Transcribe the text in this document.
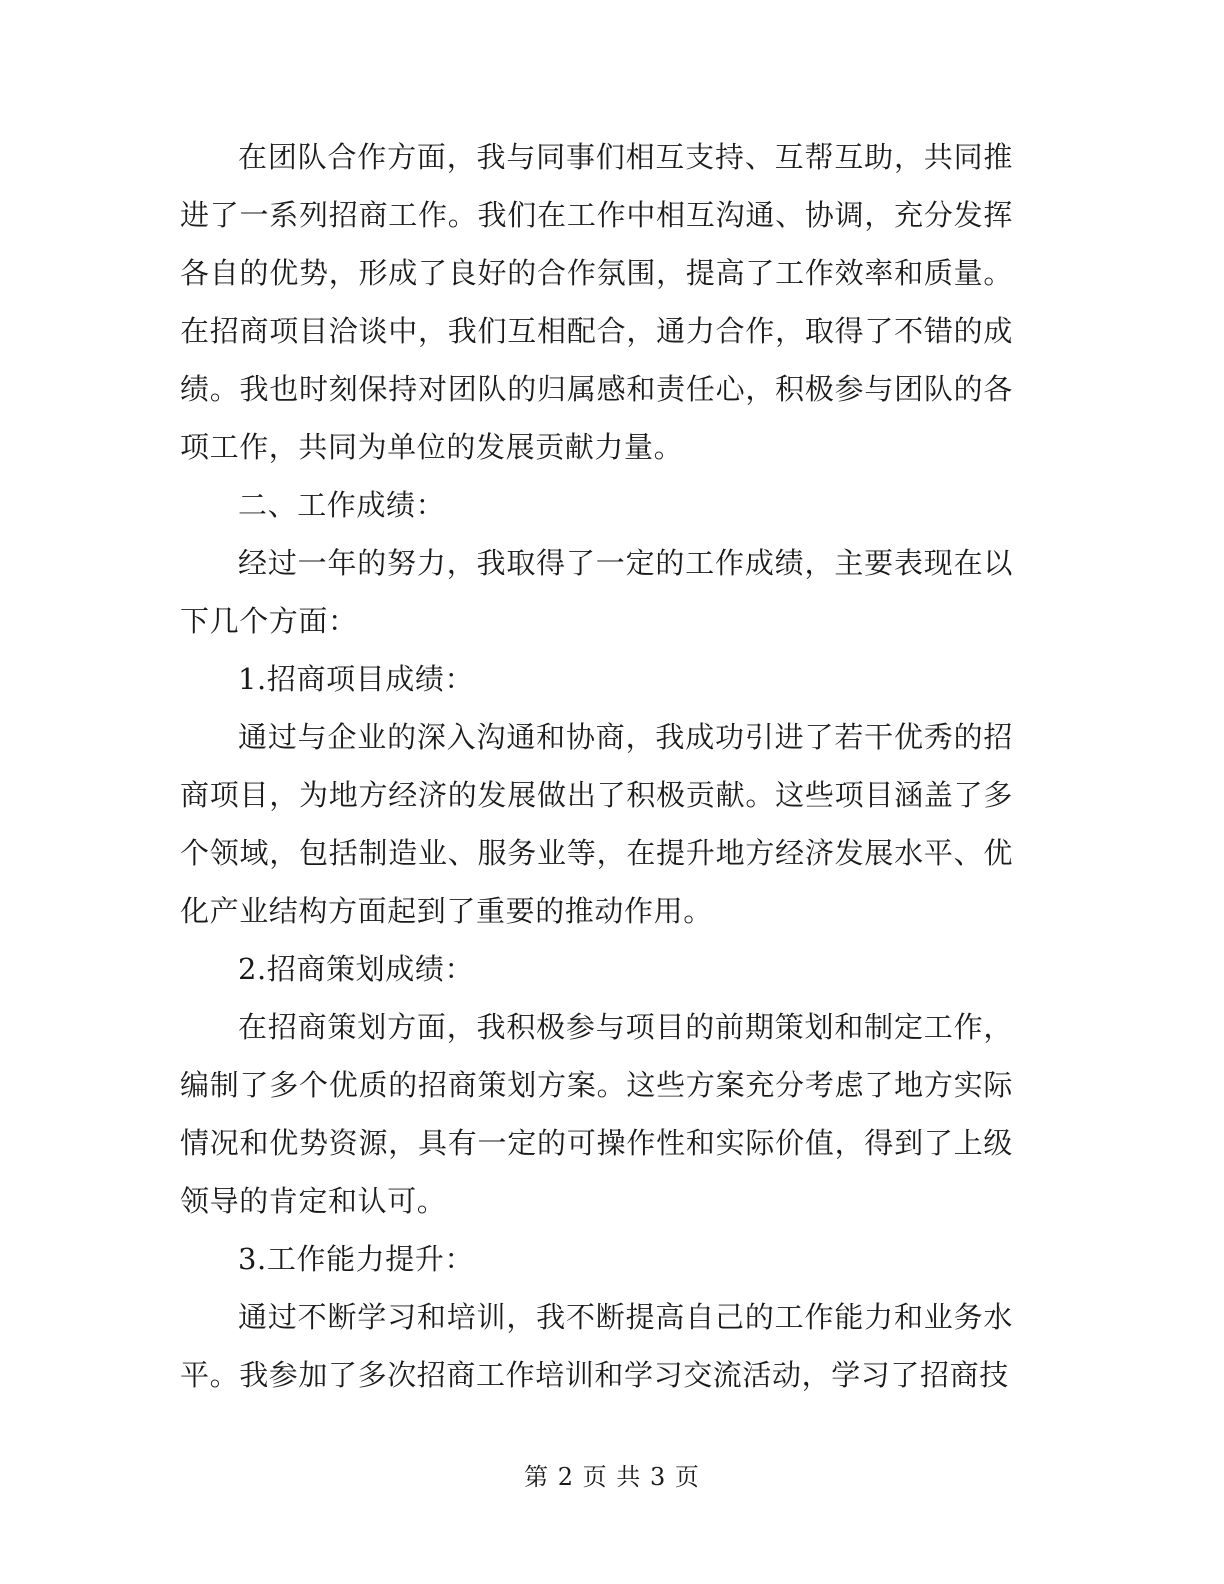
在团队合作方面，我与同事们相互支持、互帮互助，共同推进了一系列招商工作。我们在工作中相互沟通、协调，充分发挥各自的优势，形成了良好的合作氛围，提高了工作效率和质量。在招商项目洽谈中，我们互相配合，通力合作，取得了不错的成绩。我也时刻保持对团队的归属感和责任心，积极参与团队的各项工作，共同为单位的发展贡献力量。

二、工作成绩：

经过一年的努力，我取得了一定的工作成绩，主要表现在以下几个方面：

1.招商项目成绩：

通过与企业的深入沟通和协商，我成功引进了若干优秀的招商项目，为地方经济的发展做出了积极贡献。这些项目涵盖了多个领域，包括制造业、服务业等，在提升地方经济发展水平、优化产业结构方面起到了重要的推动作用。

2.招商策划成绩：

在招商策划方面，我积极参与项目的前期策划和制定工作，编制了多个优质的招商策划方案。这些方案充分考虑了地方实际情况和优势资源，具有一定的可操作性和实际价值，得到了上级领导的肯定和认可。

3.工作能力提升：

通过不断学习和培训，我不断提高自己的工作能力和业务水平。我参加了多次招商工作培训和学习交流活动，学习了招商技

第 2 页 共 3 页
